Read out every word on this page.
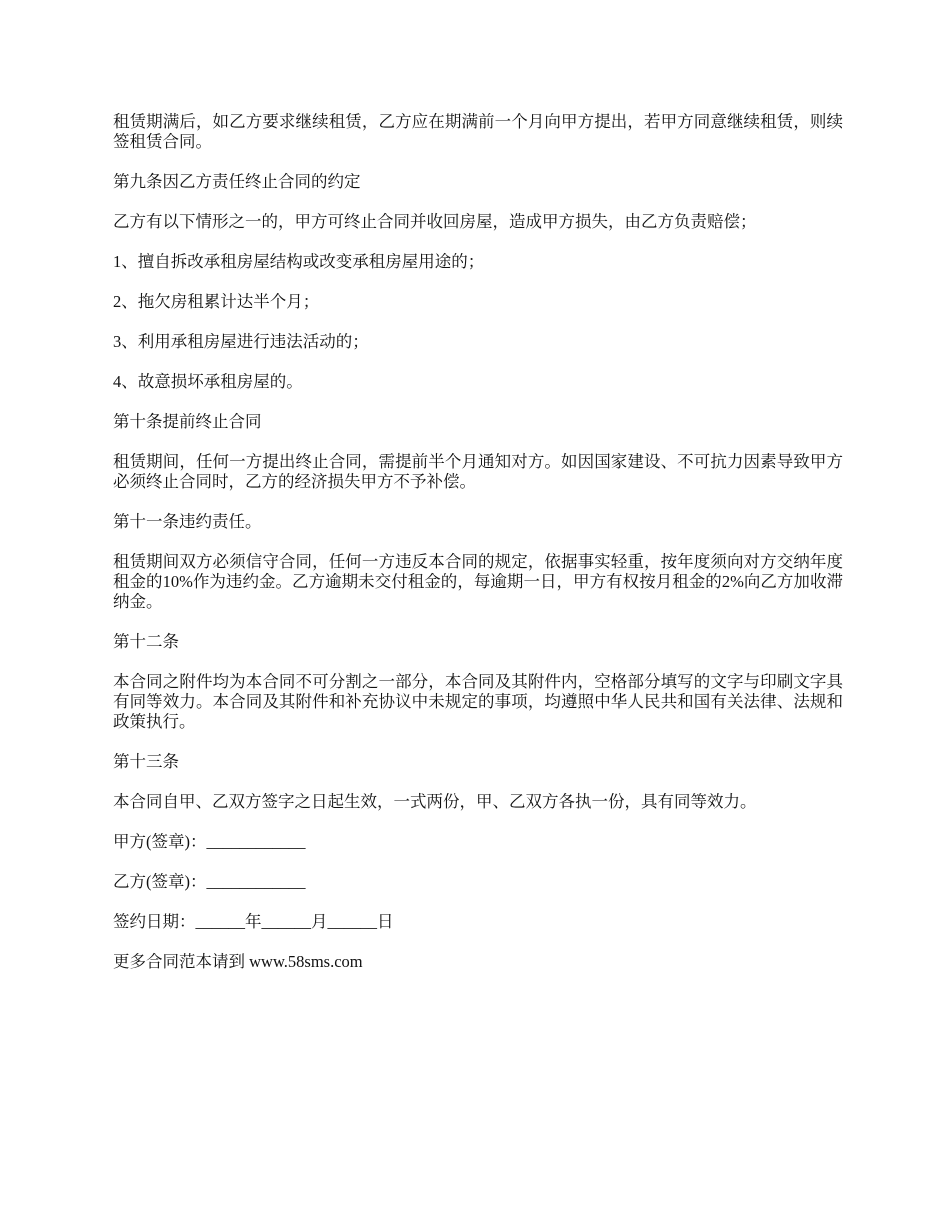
租赁期满后，如乙方要求继续租赁，乙方应在期满前一个月向甲方提出，若甲方同意继续租赁，则续签租赁合同。

第九条因乙方责任终止合同的约定

乙方有以下情形之一的，甲方可终止合同并收回房屋，造成甲方损失，由乙方负责赔偿；

1、擅自拆改承租房屋结构或改变承租房屋用途的；

2、拖欠房租累计达半个月；

3、利用承租房屋进行违法活动的；

4、故意损坏承租房屋的。

第十条提前终止合同

租赁期间，任何一方提出终止合同，需提前半个月通知对方。如因国家建设、不可抗力因素导致甲方必须终止合同时，乙方的经济损失甲方不予补偿。

第十一条违约责任。

租赁期间双方必须信守合同，任何一方违反本合同的规定，依据事实轻重，按年度须向对方交纳年度租金的10%作为违约金。乙方逾期未交付租金的，每逾期一日，甲方有权按月租金的2%向乙方加收滞纳金。

第十二条

本合同之附件均为本合同不可分割之一部分，本合同及其附件内，空格部分填写的文字与印刷文字具有同等效力。本合同及其附件和补充协议中未规定的事项，均遵照中华人民共和国有关法律、法规和政策执行。

第十三条

本合同自甲、乙双方签字之日起生效，一式两份，甲、乙双方各执一份，具有同等效力。

甲方(签章)：____________

乙方(签章)：____________

签约日期：______年______月______日

更多合同范本请到 www.58sms.com
